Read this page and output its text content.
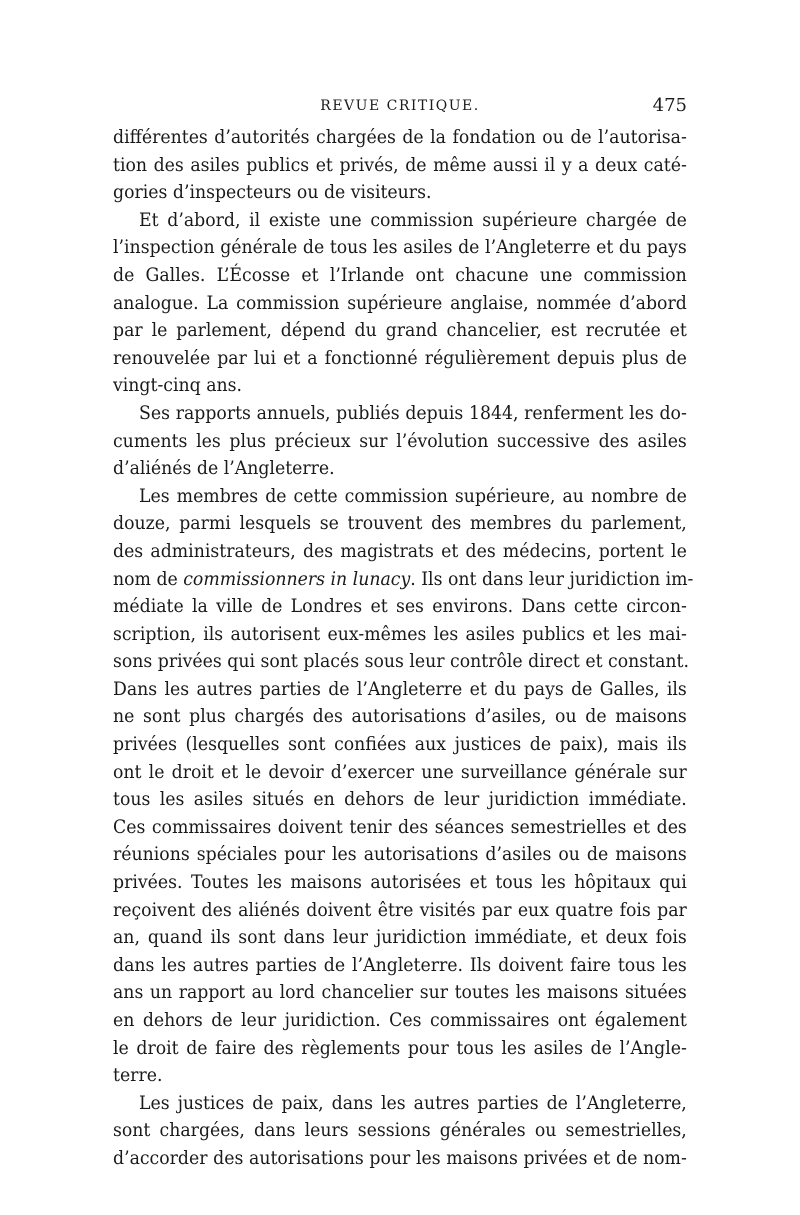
REVUE CRITIQUE.	475
différentes d’autorités chargées de la fondation ou de l’autorisa-
tion des asiles publics et privés, de même aussi il y a deux caté-
gories d’inspecteurs ou de visiteurs.
Et d’abord, il existe une commission supérieure chargée de
l’inspection générale de tous les asiles de l’Angleterre et du pays
de Galles. L’Écosse et l’Irlande ont chacune une commission
analogue. La commission supérieure anglaise, nommée d’abord
par le parlement, dépend du grand chancelier, est recrutée et
renouvelée par lui et a fonctionné régulièrement depuis plus de
vingt-cinq ans.
Ses rapports annuels, publiés depuis 1844, renferment les do-
cuments les plus précieux sur l’évolution successive des asiles
d’aliénés de l’Angleterre.
Les membres de cette commission supérieure, au nombre de
douze, parmi lesquels se trouvent des membres du parlement,
des administrateurs, des magistrats et des médecins, portent le
nom de commissionners in lunacy. Ils ont dans leur juridiction im-
médiate la ville de Londres et ses environs. Dans cette circon-
scription, ils autorisent eux-mêmes les asiles publics et les mai-
sons privées qui sont placés sous leur contrôle direct et constant.
Dans les autres parties de l’Angleterre et du pays de Galles, ils
ne sont plus chargés des autorisations d’asiles, ou de maisons
privées (lesquelles sont confiées aux justices de paix), mais ils
ont le droit et le devoir d’exercer une surveillance générale sur
tous les asiles situés en dehors de leur juridiction immédiate.
Ces commissaires doivent tenir des séances semestrielles et des
réunions spéciales pour les autorisations d’asiles ou de maisons
privées. Toutes les maisons autorisées et tous les hôpitaux qui
reçoivent des aliénés doivent être visités par eux quatre fois par
an, quand ils sont dans leur juridiction immédiate, et deux fois
dans les autres parties de l’Angleterre. Ils doivent faire tous les
ans un rapport au lord chancelier sur toutes les maisons situées
en dehors de leur juridiction. Ces commissaires ont également
le droit de faire des règlements pour tous les asiles de l’Angle-
terre.
Les justices de paix, dans les autres parties de l’Angleterre,
sont chargées, dans leurs sessions générales ou semestrielles,
d’accorder des autorisations pour les maisons privées et de nom-
